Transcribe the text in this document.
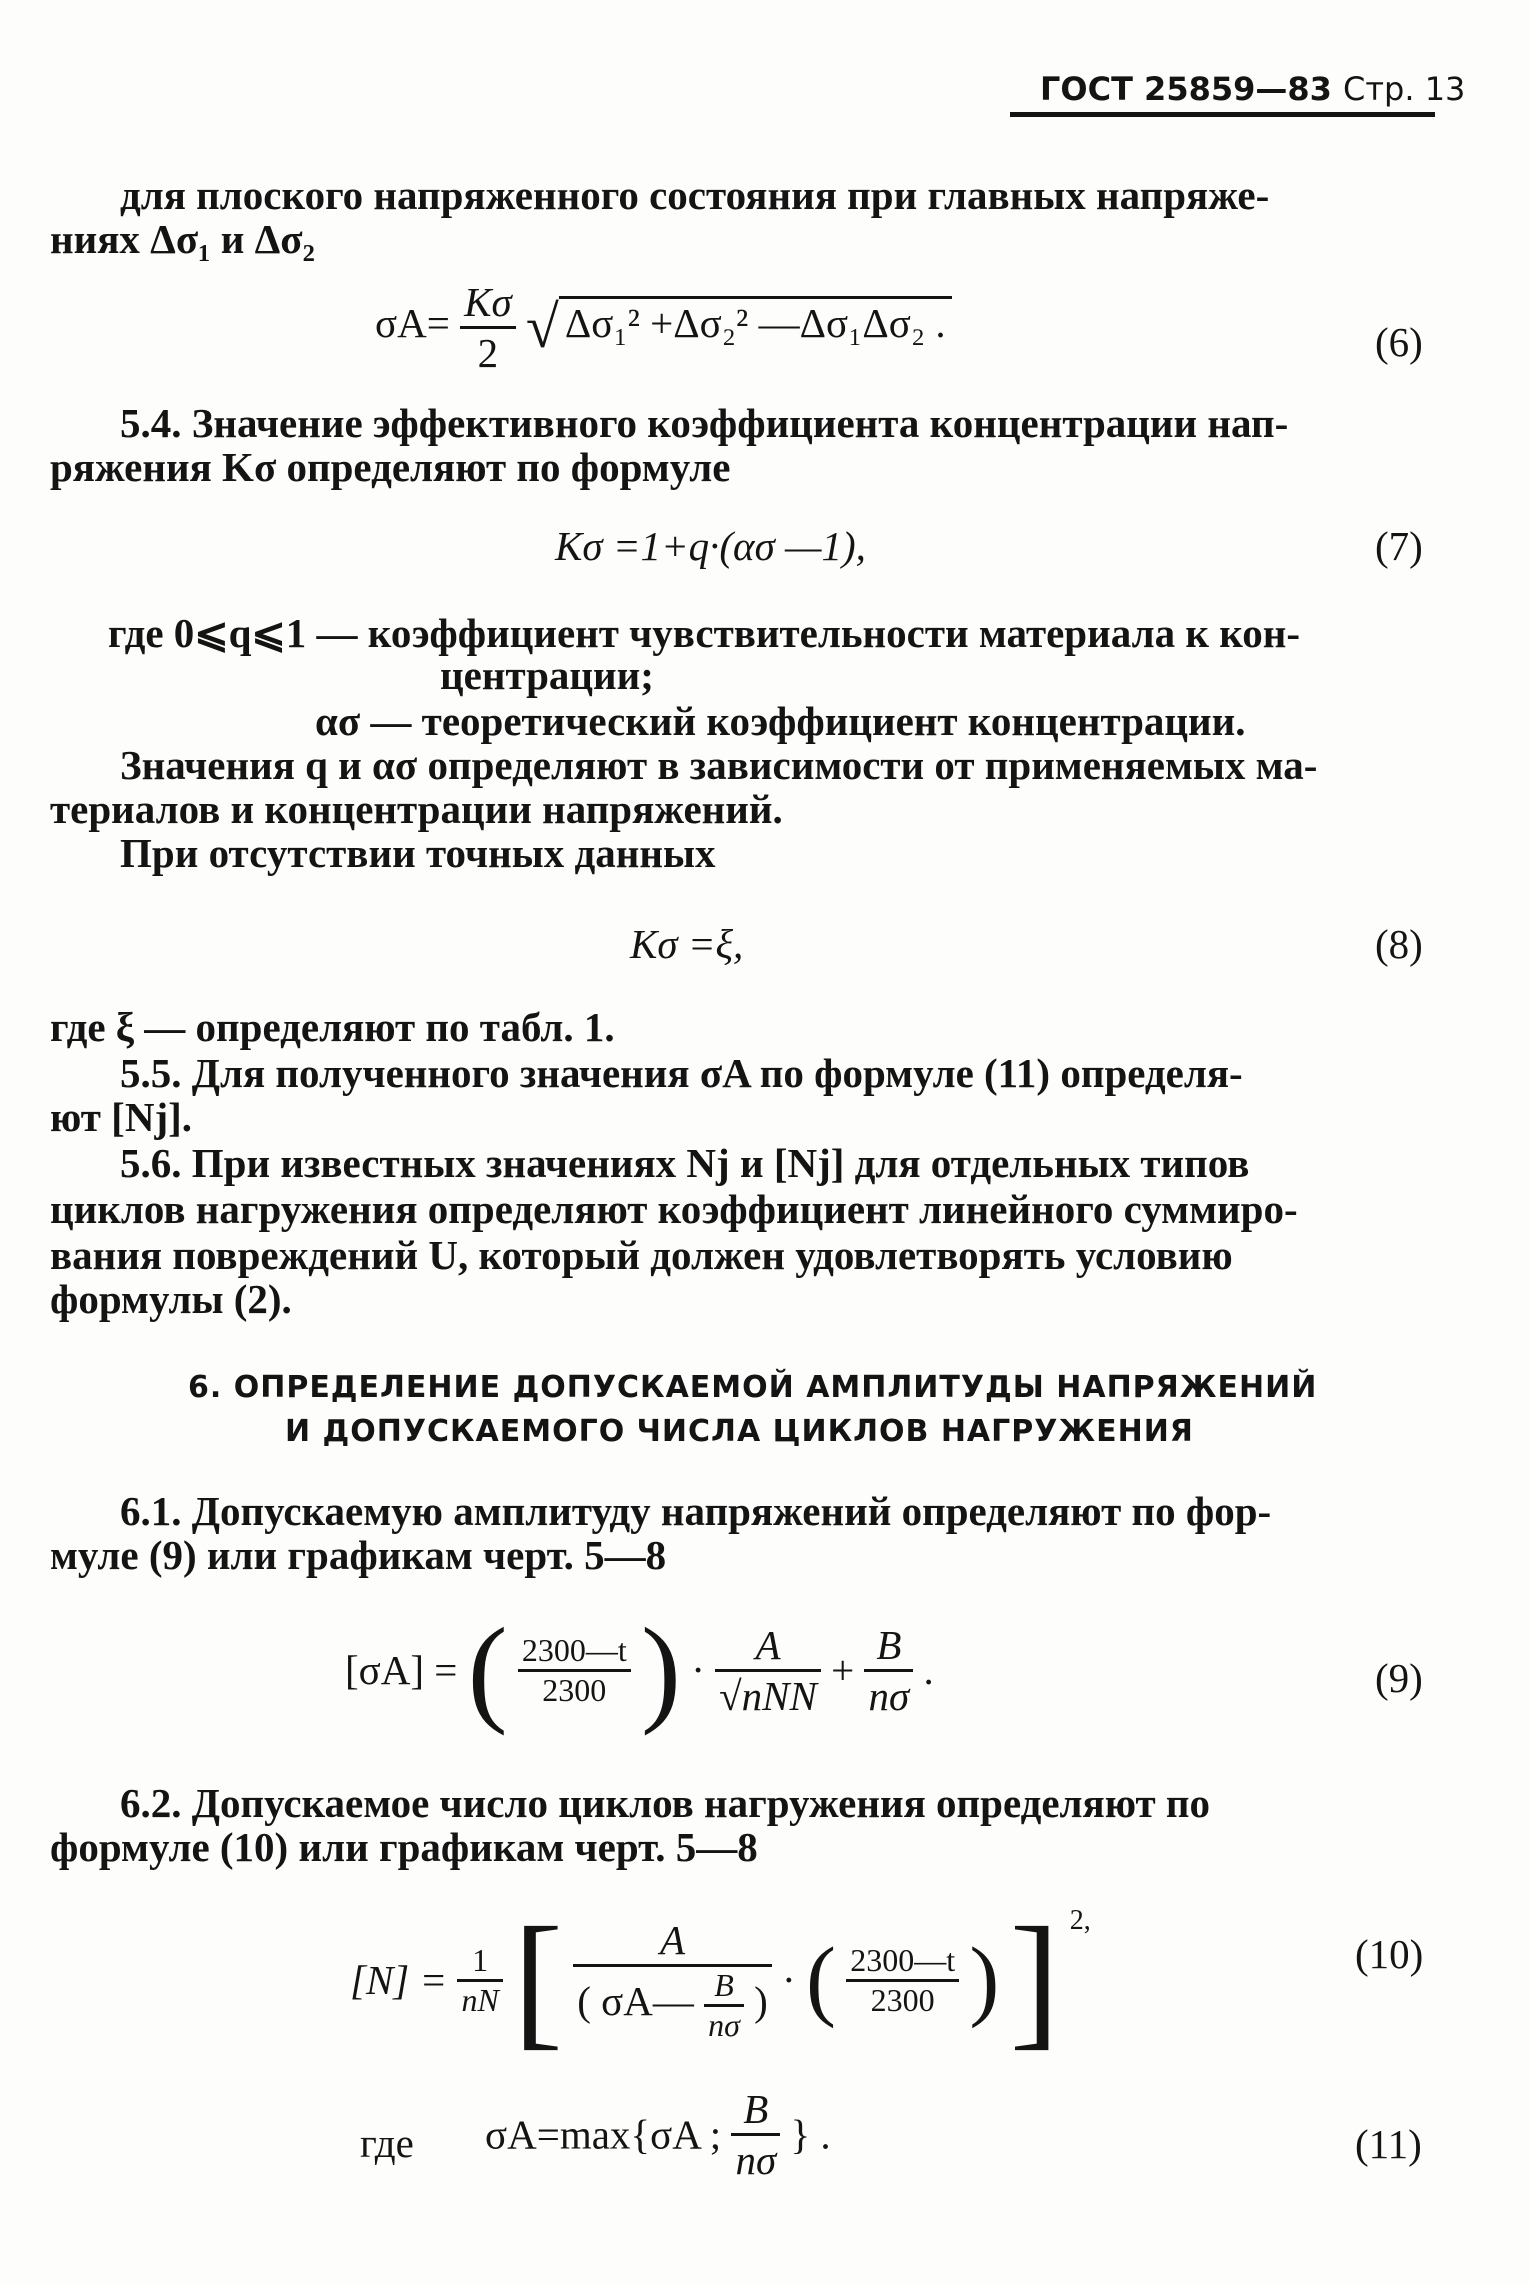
ГОСТ 25859—83 Стр. 13
для плоского напряженного состояния при главных напряже-
ниях Δσ₁ и Δσ₂
$\sigma A= \frac{K\sigma}{2}$ √ Δσ₁² +Δσ₂² —Δσ₁Δσ₂ .	(6)
5.4. Значение эффективного коэффициента концентрации нап-
ряжения Kσ определяют по формуле
Kσ =1+q·(ασ —1),	(7)
где 0⩽q⩽1 — коэффициент чувствительности материала к кон-
центрации;
ασ — теоретический коэффициент концентрации.
Значения q и ασ определяют в зависимости от применяемых ма-
териалов и концентрации напряжений.
При отсутствии точных данных
Kσ =ξ,	(8)
где ξ — определяют по табл. 1.
5.5. Для полученного значения σA по формуле (11) определя-
ют [Nj].
5.6. При известных значениях Nj и [Nj] для отдельных типов
циклов нагружения определяют коэффициент линейного суммиро-
вания повреждений U, который должен удовлетворять условию
формулы (2).
6. ОПРЕДЕЛЕНИЕ ДОПУСКАЕМОЙ АМПЛИТУДЫ НАПРЯЖЕНИЙ
И ДОПУСКАЕМОГО ЧИСЛА ЦИКЛОВ НАГРУЖЕНИЯ
6.1. Допускаемую амплитуду напряжений определяют по фор-
муле (9) или графикам черт. 5—8
[σA] = ( $\frac{2300—t}{2300}$ ) · $\frac{A}{\text{√nNN}} + \frac{B}{n\sigma}$ .	(9)
6.2. Допускаемое число циклов нагружения определяют по
формуле (10) или графикам черт. 5—8
$[N] = \frac{1}{nN}$ [ $\frac{A}{( \sigma A— \frac{B}{n\sigma} )}$ · ( $\frac{2300—t}{2300}$ ) ] $^{2,}$
(10)
где σA=max{σA ; $\frac{B}{n\sigma}$ } .	(11)
